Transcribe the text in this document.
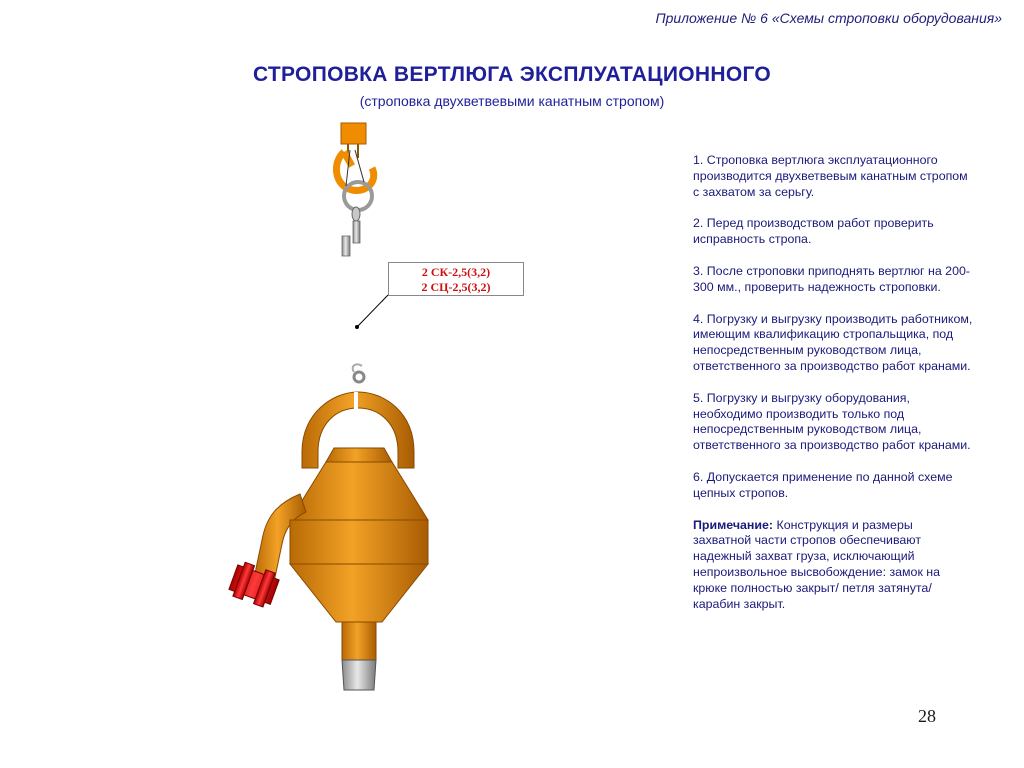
Приложение № 6 «Схемы строповки оборудования»
СТРОПОВКА ВЕРТЛЮГА ЭКСПЛУАТАЦИОННОГО
(строповка двухветвевыми канатным стропом)
2 СК-2,5(3,2)
2 СЦ-2,5(3,2)

1. Строповка вертлюга эксплуатационного производится двухветвевым канатным стропом с захватом за серьгу.

2. Перед производством работ проверить исправность стропа.

3. После строповки приподнять вертлюг на 200-300 мм., проверить надежность строповки.

4. Погрузку и выгрузку производить работником, имеющим квалификацию стропальщика, под непосредственным руководством лица, ответственного за производство работ кранами.

5. Погрузку и выгрузку оборудования, необходимо производить только под непосредственным руководством лица, ответственного за производство работ кранами.

6. Допускается применение по данной схеме цепных стропов.

Примечание: Конструкция и размеры захватной части стропов обеспечивают надежный захват груза, исключающий непроизвольное высвобождение: замок на крюке полностью закрыт/ петля затянута/ карабин закрыт.

28
